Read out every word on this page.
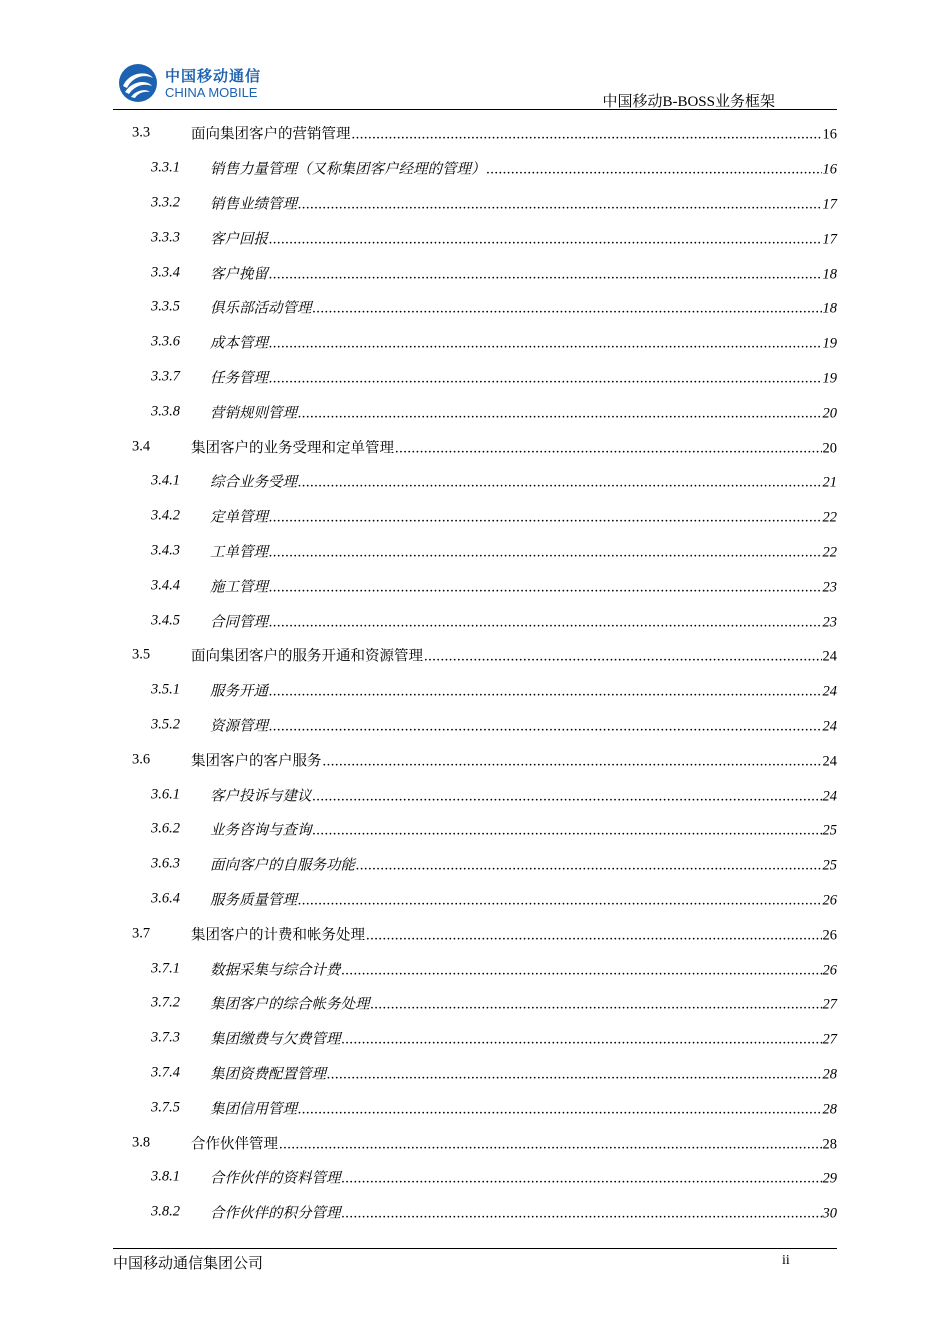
中国移动通信
CHINA MOBILE
中国移动B-BOSS业务框架
3.3	面向集团客户的营销管理 .....	16
3.3.1 销售力量管理（又称集团客户经理的管理） .....	16
3.3.2 销售业绩管理 .....	17
3.3.3 客户回报 .....	17
3.3.4 客户挽留 .....	18
3.3.5 俱乐部活动管理 .....	18
3.3.6 成本管理 .....	19
3.3.7 任务管理 .....	19
3.3.8 营销规则管理 .....	20
3.4	集团客户的业务受理和定单管理 .....	20
3.4.1 综合业务受理 .....	21
3.4.2 定单管理 .....	22
3.4.3 工单管理 .....	22
3.4.4 施工管理 .....	23
3.4.5 合同管理 .....	23
3.5	面向集团客户的服务开通和资源管理 .....	24
3.5.1 服务开通 .....	24
3.5.2 资源管理 .....	24
3.6	集团客户的客户服务 .....	24
3.6.1 客户投诉与建议 .....	24
3.6.2 业务咨询与查询 .....	25
3.6.3 面向客户的自服务功能 .....	25
3.6.4 服务质量管理 .....	26
3.7	集团客户的计费和帐务处理 .....	26
3.7.1 数据采集与综合计费 .....	26
3.7.2 集团客户的综合帐务处理 .....	27
3.7.3 集团缴费与欠费管理 .....	27
3.7.4 集团资费配置管理 .....	28
3.7.5 集团信用管理 .....	28
3.8	合作伙伴管理 .....	28
3.8.1 合作伙伴的资料管理 .....	29
3.8.2 合作伙伴的积分管理 .....	30
中国移动通信集团公司	ii
